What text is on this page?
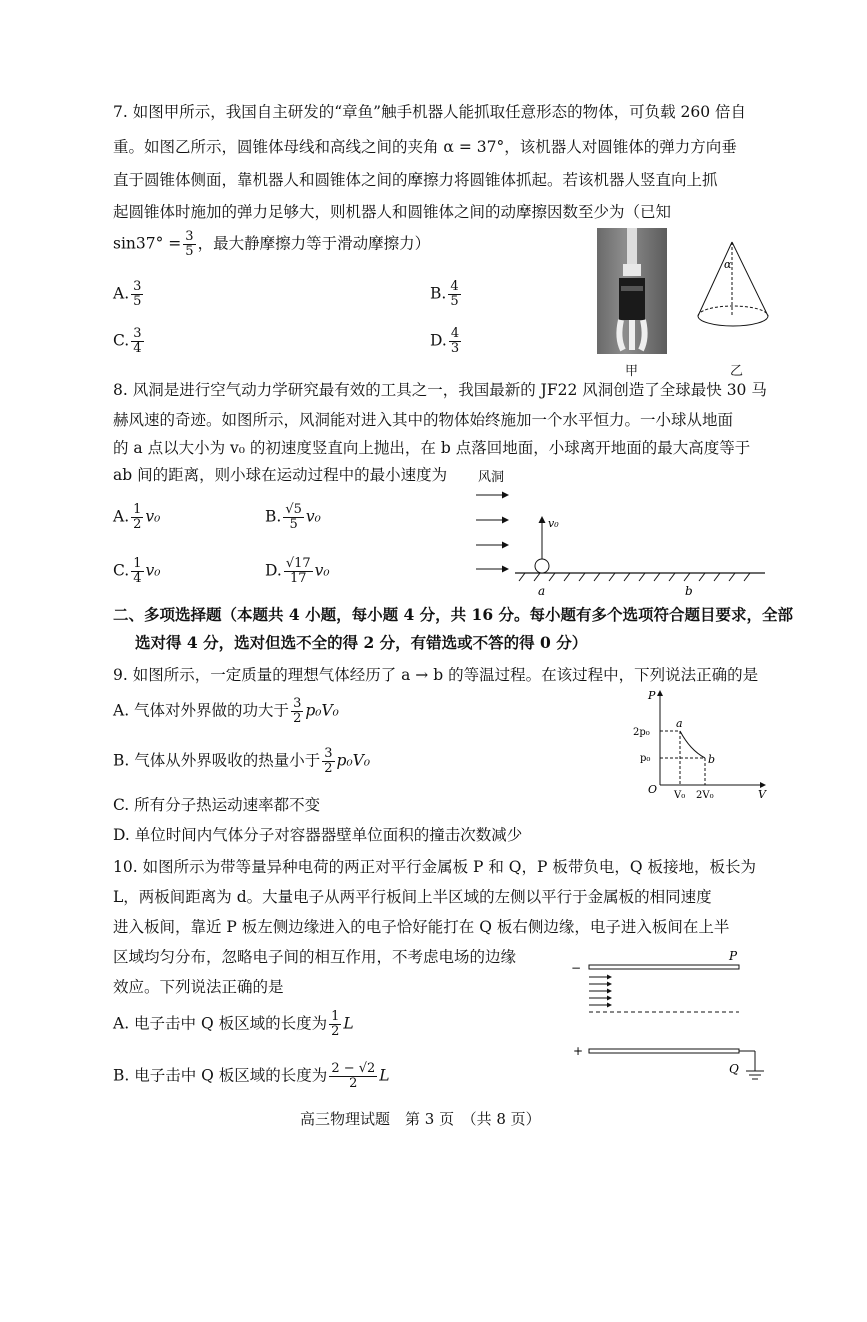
7. 如图甲所示，我国自主研发的“章鱼”触手机器人能抓取任意形态的物体，可负载 260 倍自
重。如图乙所示，圆锥体母线和高线之间的夹角 α = 37°，该机器人对圆锥体的弹力方向垂
直于圆锥体侧面，靠机器人和圆锥体之间的摩擦力将圆锥体抓起。若该机器人竖直向上抓
起圆锥体时施加的弹力足够大，则机器人和圆锥体之间的动摩擦因数至少为（已知
$\sin 37^\circ = \frac{3}{5}$ ，最大静摩擦力等于滑动摩擦力）
A. $\frac{3}{5}$	B. $\frac{4}{5}$
C. $\frac{3}{4}$	D. $\frac{4}{3}$
甲
α
乙
8. 风洞是进行空气动力学研究最有效的工具之一，我国最新的 JF22 风洞创造了全球最快 30 马
赫风速的奇迹。如图所示，风洞能对进入其中的物体始终施加一个水平恒力。一小球从地面
的 a 点以大小为 v₀ 的初速度竖直向上抛出，在 b 点落回地面，小球离开地面的最大高度等于
ab 间的距离，则小球在运动过程中的最小速度为
A. $\frac{1}{2} v_0$	B. $\frac{√5}{5} v_0$
C. $\frac{1}{4} v_0$	D. $\frac{√17}{17} v_0$
风洞
v₀
a	b
二、多项选择题（本题共 4 小题，每小题 4 分，共 16 分。每小题有多个选项符合题目要求，全部
选对得 4 分，选对但选不全的得 2 分，有错选或不答的得 0 分）
9. 如图所示，一定质量的理想气体经历了 a → b 的等温过程。在该过程中，下列说法正确的是
A. 气体对外界做的功大于 $\frac{3}{2} p_0V_0$
B. 气体从外界吸收的热量小于 $\frac{3}{2} p_0V_0$
C. 所有分子热运动速率都不变
D. 单位时间内气体分子对容器器壁单位面积的撞击次数减少
P
V
O
2p₀
p₀
V₀ 2V₀
a
b
10. 如图所示为带等量异种电荷的两正对平行金属板 P 和 Q，P 板带负电，Q 板接地，板长为
L，两板间距离为 d。大量电子从两平行板间上半区域的左侧以平行于金属板的相同速度
进入板间，靠近 P 板左侧边缘进入的电子恰好能打在 Q 板右侧边缘，电子进入板间在上半
区域均匀分布，忽略电子间的相互作用，不考虑电场的边缘
效应。下列说法正确的是
A. 电子击中 Q 板区域的长度为 $\frac{1}{2}$ L
B. 电子击中 Q 板区域的长度为 $\frac{2 - √2}{2}$ L
−
P
+
Q
高三物理试题　第 3 页　（共 8 页）
